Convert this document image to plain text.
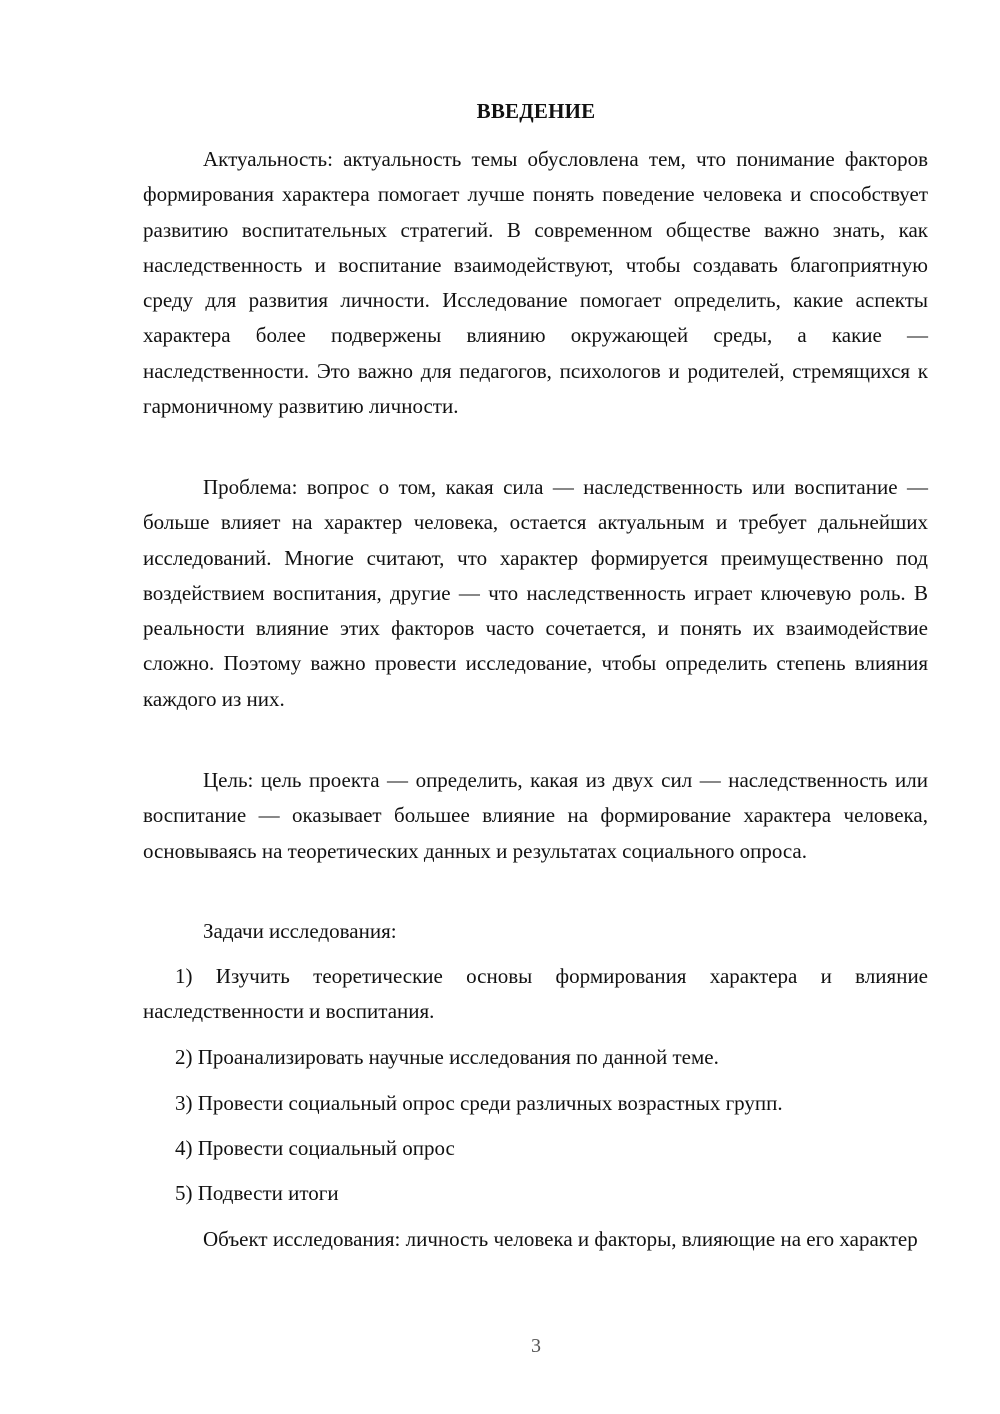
ВВЕДЕНИЕ

Актуальность: актуальность темы обусловлена тем, что понимание факторов формирования характера помогает лучше понять поведение человека и способствует развитию воспитательных стратегий. В современном обществе важно знать, как наследственность и воспитание взаимодействуют, чтобы создавать благоприятную среду для развития личности. Исследование помогает определить, какие аспекты характера более подвержены влиянию окружающей среды, а какие — наследственности. Это важно для педагогов, психологов и родителей, стремящихся к гармоничному развитию личности.

Проблема: вопрос о том, какая сила — наследственность или воспитание — больше влияет на характер человека, остается актуальным и требует дальнейших исследований. Многие считают, что характер формируется преимущественно под воздействием воспитания, другие — что наследственность играет ключевую роль. В реальности влияние этих факторов часто сочетается, и понять их взаимодействие сложно. Поэтому важно провести исследование, чтобы определить степень влияния каждого из них.

Цель: цель проекта — определить, какая из двух сил — наследственность или воспитание — оказывает большее влияние на формирование характера человека, основываясь на теоретических данных и результатах социального опроса.

Задачи исследования:

1) Изучить теоретические основы формирования характера и влияние наследственности и воспитания.

2) Проанализировать научные исследования по данной теме.

3) Провести социальный опрос среди различных возрастных групп.

4) Провести социальный опрос

5) Подвести итоги

Объект исследования: личность человека и факторы, влияющие на его характер

3
